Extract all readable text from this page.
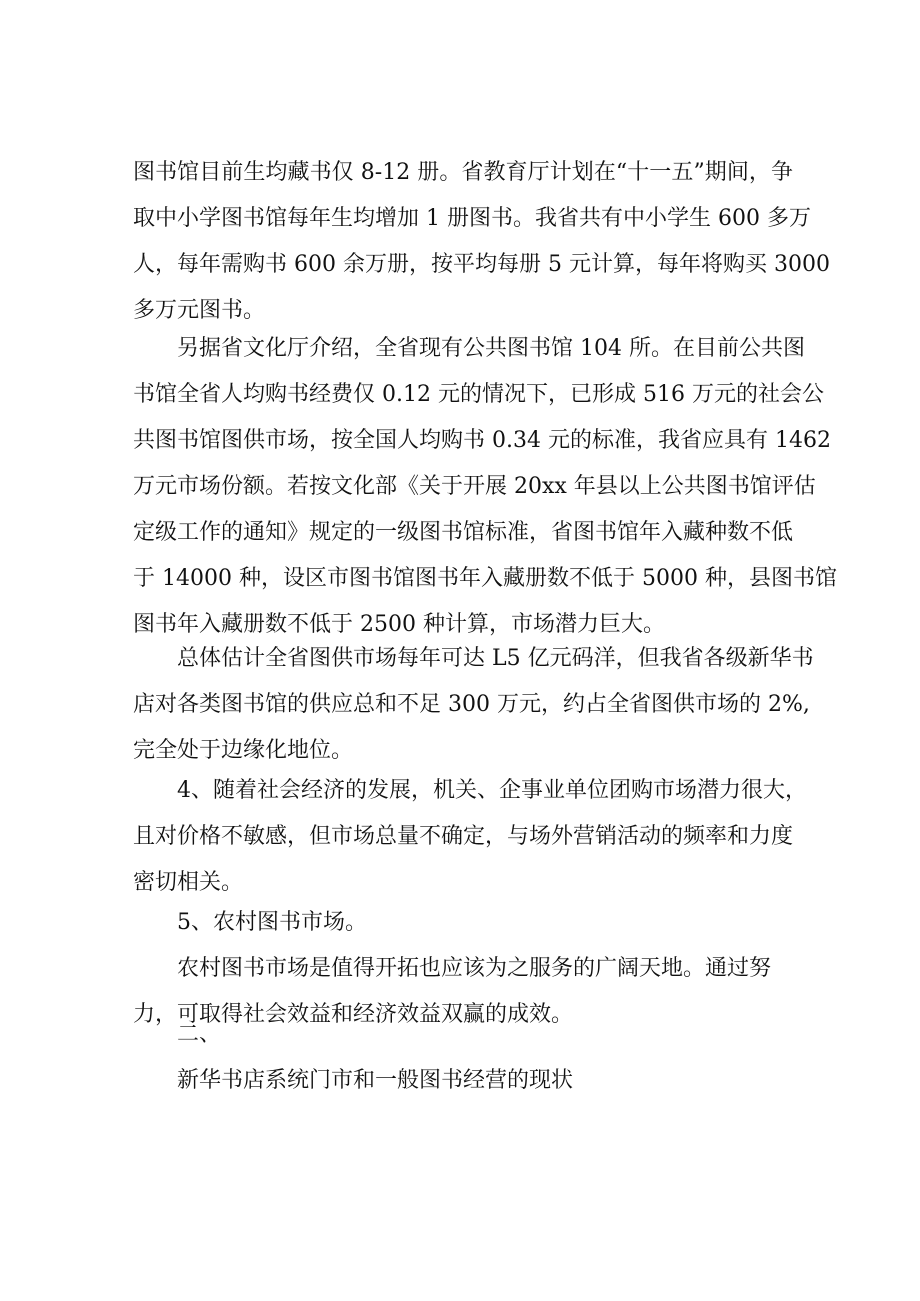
图书馆目前生均藏书仅 8-12 册。省教育厅计划在“十一五”期间，争
取中小学图书馆每年生均增加 1 册图书。我省共有中小学生 600 多万
人，每年需购书 600 余万册，按平均每册 5 元计算，每年将购买 3000
多万元图书。
另据省文化厅介绍，全省现有公共图书馆 104 所。在目前公共图
书馆全省人均购书经费仅 0.12 元的情况下，已形成 516 万元的社会公
共图书馆图供市场，按全国人均购书 0.34 元的标准，我省应具有 1462
万元市场份额。若按文化部《关于开展 20xx 年县以上公共图书馆评估
定级工作的通知》规定的一级图书馆标准，省图书馆年入藏种数不低
于 14000 种，设区市图书馆图书年入藏册数不低于 5000 种，县图书馆
图书年入藏册数不低于 2500 种计算，市场潜力巨大。
总体估计全省图供市场每年可达 L5 亿元码洋，但我省各级新华书
店对各类图书馆的供应总和不足 300 万元，约占全省图供市场的 2%,
完全处于边缘化地位。
4、随着社会经济的发展，机关、企事业单位团购市场潜力很大，
且对价格不敏感，但市场总量不确定，与场外营销活动的频率和力度
密切相关。
5、农村图书市场。
农村图书市场是值得开拓也应该为之服务的广阔天地。通过努
力，可取得社会效益和经济效益双赢的成效。
二、
新华书店系统门市和一般图书经营的现状
